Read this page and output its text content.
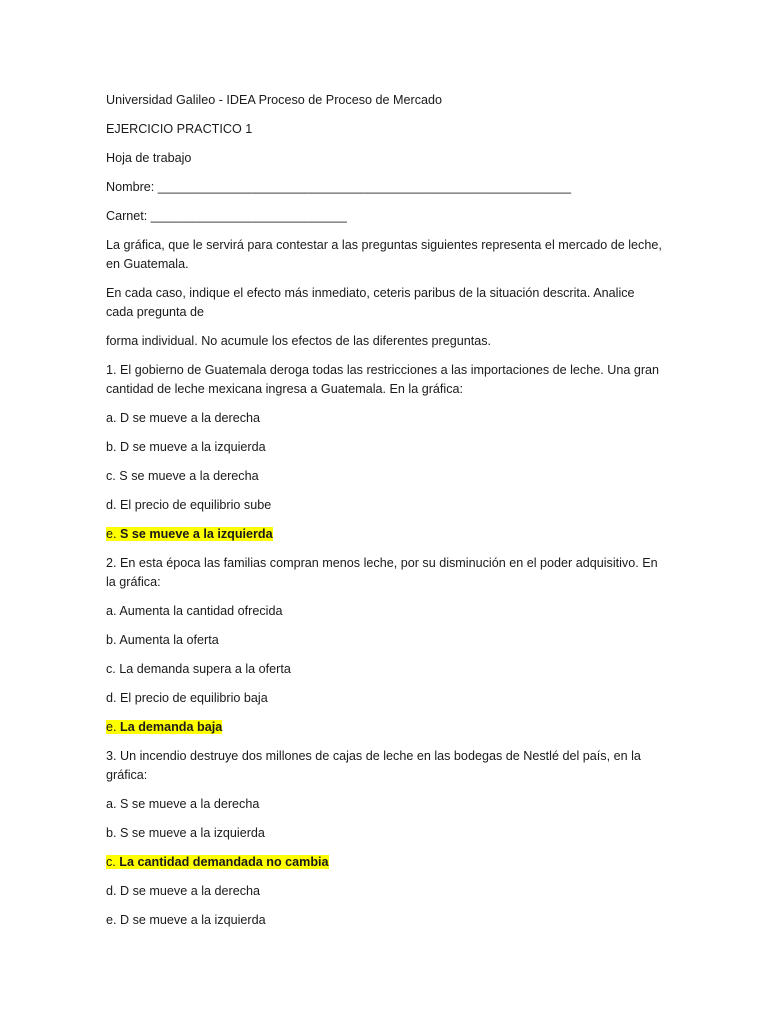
Universidad Galileo - IDEA Proceso de Proceso de Mercado

EJERCICIO PRACTICO 1

Hoja de trabajo

Nombre: ___________________________________________________________

Carnet: ____________________________

La gráfica, que le servirá para contestar a las preguntas siguientes representa el mercado de leche, en Guatemala.

En cada caso, indique el efecto más inmediato, ceteris paribus de la situación descrita. Analice cada pregunta de

forma individual. No acumule los efectos de las diferentes preguntas.

1. El gobierno de Guatemala deroga todas las restricciones a las importaciones de leche. Una gran cantidad de leche mexicana ingresa a Guatemala. En la gráfica:

a. D se mueve a la derecha

b. D se mueve a la izquierda

c. S se mueve a la derecha

d. El precio de equilibrio sube

e. S se mueve a la izquierda

2. En esta época las familias compran menos leche, por su disminución en el poder adquisitivo. En la gráfica:

a. Aumenta la cantidad ofrecida

b. Aumenta la oferta

c. La demanda supera a la oferta

d. El precio de equilibrio baja

e. La demanda baja

3. Un incendio destruye dos millones de cajas de leche en las bodegas de Nestlé del país, en la gráfica:

a. S se mueve a la derecha

b. S se mueve a la izquierda

c. La cantidad demandada no cambia

d. D se mueve a la derecha

e. D se mueve a la izquierda
